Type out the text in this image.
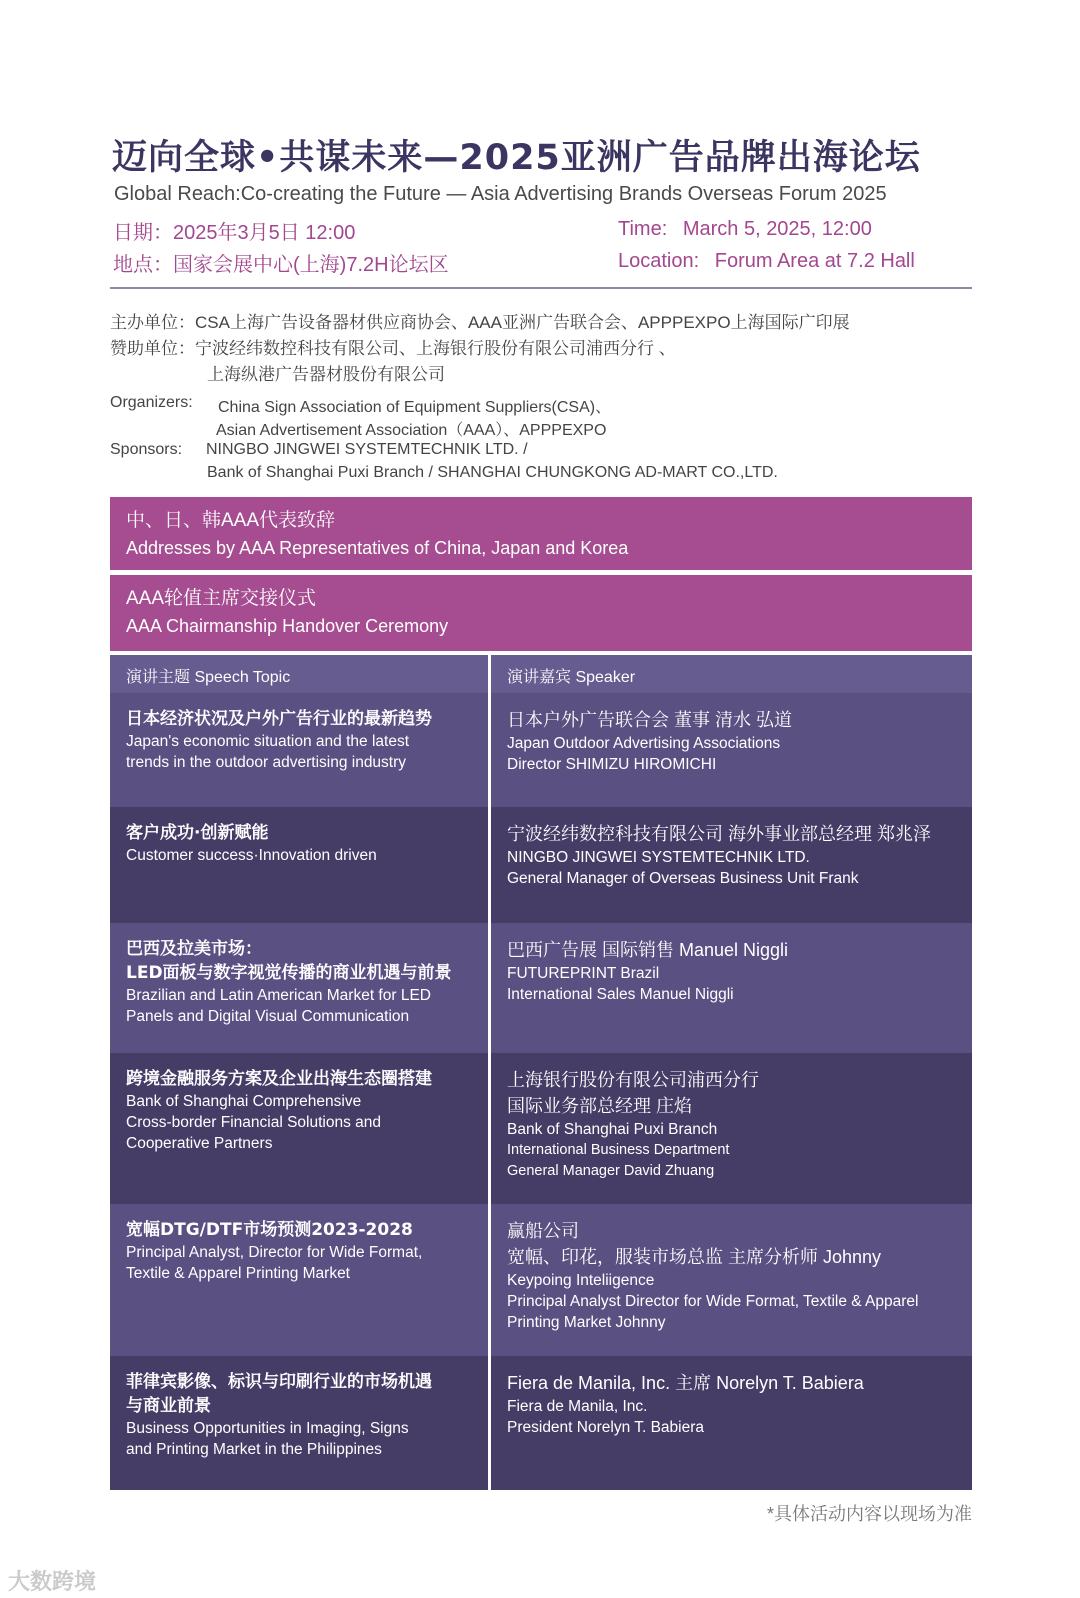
迈向全球•共谋未来—2025亚洲广告品牌出海论坛
Global Reach:Co-creating the Future — Asia Advertising Brands Overseas Forum 2025
日期：2025年3月5日 12:00
地点：国家会展中心(上海)7.2H论坛区
Time: March 5, 2025, 12:00
Location: Forum Area at 7.2 Hall
主办单位：CSA上海广告设备器材供应商协会、AAA亚洲广告联合会、APPPEXPO上海国际广印展
赞助单位：宁波经纬数控科技有限公司、上海银行股份有限公司浦西分行 、
上海纵港广告器材股份有限公司
Organizers: China Sign Association of Equipment Suppliers(CSA)、
Asian Advertisement Association（AAA）、APPPEXPO
Sponsors: NINGBO JINGWEI SYSTEMTECHNIK LTD. /
Bank of Shanghai Puxi Branch / SHANGHAI CHUNGKONG AD-MART CO.,LTD.
中、日、韩AAA代表致辞
Addresses by AAA Representatives of China, Japan and Korea
AAA轮值主席交接仪式
AAA Chairmanship Handover Ceremony
演讲主题 Speech Topic	演讲嘉宾 Speaker
日本经济状况及户外广告行业的最新趋势
Japan's economic situation and the latest
trends in the outdoor advertising industry
日本户外广告联合会 董事 清水 弘道
Japan Outdoor Advertising Associations
Director SHIMIZU HIROMICHI
客户成功·创新赋能
Customer success·Innovation driven
宁波经纬数控科技有限公司 海外事业部总经理 郑兆泽
NINGBO JINGWEI SYSTEMTECHNIK LTD.
General Manager of Overseas Business Unit Frank
巴西及拉美市场：
LED面板与数字视觉传播的商业机遇与前景
Brazilian and Latin American Market for LED
Panels and Digital Visual Communication
巴西广告展 国际销售 Manuel Niggli
FUTUREPRINT Brazil
International Sales Manuel Niggli
跨境金融服务方案及企业出海生态圈搭建
Bank of Shanghai Comprehensive
Cross-border Financial Solutions and
Cooperative Partners
上海银行股份有限公司浦西分行
国际业务部总经理 庄焰
Bank of Shanghai Puxi Branch
International Business Department
General Manager David Zhuang
宽幅DTG/DTF市场预测2023-2028
Principal Analyst, Director for Wide Format,
Textile & Apparel Printing Market
赢船公司
宽幅、印花，服装市场总监 主席分析师 Johnny
Keypoing Inteliigence
Principal Analyst Director for Wide Format, Textile & Apparel
Printing Market Johnny
菲律宾影像、标识与印刷行业的市场机遇
与商业前景
Business Opportunities in Imaging, Signs
and Printing Market in the Philippines
Fiera de Manila, Inc. 主席 Norelyn T. Babiera
Fiera de Manila, Inc.
President Norelyn T. Babiera
*具体活动内容以现场为准
大数跨境
